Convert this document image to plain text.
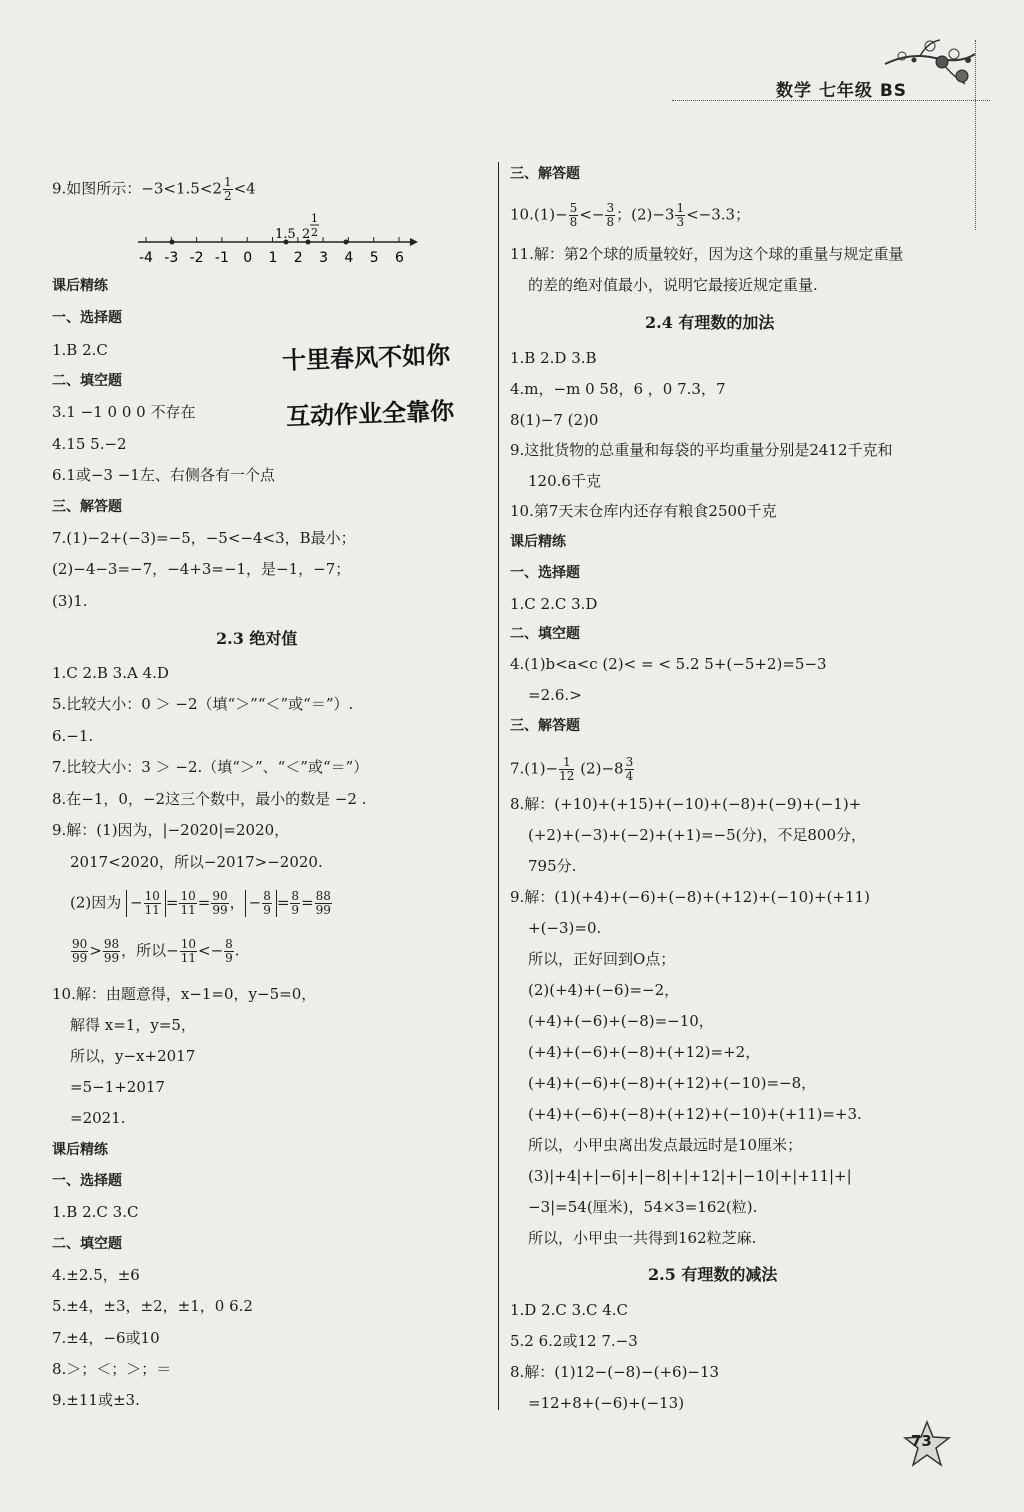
数学 七年级 BS
9.如图所示：$-3<1.5<2 \frac{1}{2} <4$
-4 -3 -2 -1 0 1 2 3 4 5 6
1.5 2
1
2
课后精练
一、选择题
1.B 2.C
二、填空题
3.1 −1 0 0 0 不存在
4.15 5.−2
6.1或−3 −1左、右侧各有一个点
三、解答题
7.(1)−2+(−3)=−5，−5<−4<3，B最小；
(2)−4−3=−7，−4+3=−1，是−1，−7；
(3)1.
十里春风不如你
互动作业全靠你
2.3 绝对值
1.C 2.B 3.A 4.D
5.比较大小：0 ＞ −2（填“＞”“＜”或“＝”）.
6.−1.
7.比较大小：3 ＞ −2.（填“＞”、“＜”或“＝”）
8.在−1，0，−2这三个数中，最小的数是 −2 .
9.解：(1)因为，|−2020|=2020，
2017<2020，所以−2017>−2020.
(2)因为 − $\frac{10}{11} = \frac{10}{11} = \frac{90}{99}$ ， − $\frac{8}{9} = \frac{8}{9} = \frac{88}{99}$
$\frac{90}{99} > \frac{98}{99}$ ，所以− $\frac{10}{11} <- \frac{8}{9}$ .
10.解：由题意得，x−1=0，y−5=0，
解得 x=1，y=5，
所以，y−x+2017
=5−1+2017
=2021.
课后精练
一、选择题
1.B 2.C 3.C
二、填空题
4.±2.5，±6
5.±4，±3，±2，±1，0 6.2
7.±4，−6或10
8.＞；＜；＞；＝
9.±11或±3.
三、解答题
$10.(1)- \frac{5}{8} <- \frac{3}{8}$ ；$(2)-3 \frac{1}{3} <-3.3$；
11.解：第2个球的质量较好，因为这个球的重量与规定重量
的差的绝对值最小，说明它最接近规定重量.
2.4 有理数的加法
1.B 2.D 3.B
4.m，−m 0 58，6 ，0 7.3，7
8(1)−7 (2)0
9.这批货物的总重量和每袋的平均重量分别是2412千克和
120.6千克
10.第7天末仓库内还存有粮食2500千克
课后精练
一、选择题
1.C 2.C 3.D
二、填空题
4.(1)b<a<c (2)< = < 5.2 5+(−5+2)=5−3
=2.6.>
三、解答题
$7.(1)- \frac{1}{12} (2)-8 \frac{3}{4}$
8.解：(+10)+(+15)+(−10)+(−8)+(−9)+(−1)+
(+2)+(−3)+(−2)+(+1)=−5(分)，不足800分，
795分.
9.解：(1)(+4)+(−6)+(−8)+(+12)+(−10)+(+11)
+(−3)=0.
所以，正好回到O点；
(2)(+4)+(−6)=−2，
(+4)+(−6)+(−8)=−10，
(+4)+(−6)+(−8)+(+12)=+2，
(+4)+(−6)+(−8)+(+12)+(−10)=−8，
(+4)+(−6)+(−8)+(+12)+(−10)+(+11)=+3.
所以，小甲虫离出发点最远时是10厘米；
(3)|+4|+|−6|+|−8|+|+12|+|−10|+|+11|+|
−3|=54(厘米)，54×3=162(粒).
所以，小甲虫一共得到162粒芝麻.
2.5 有理数的减法
1.D 2.C 3.C 4.C
5.2 6.2或12 7.−3
8.解：(1)12−(−8)−(+6)−13
=12+8+(−6)+(−13)
73
